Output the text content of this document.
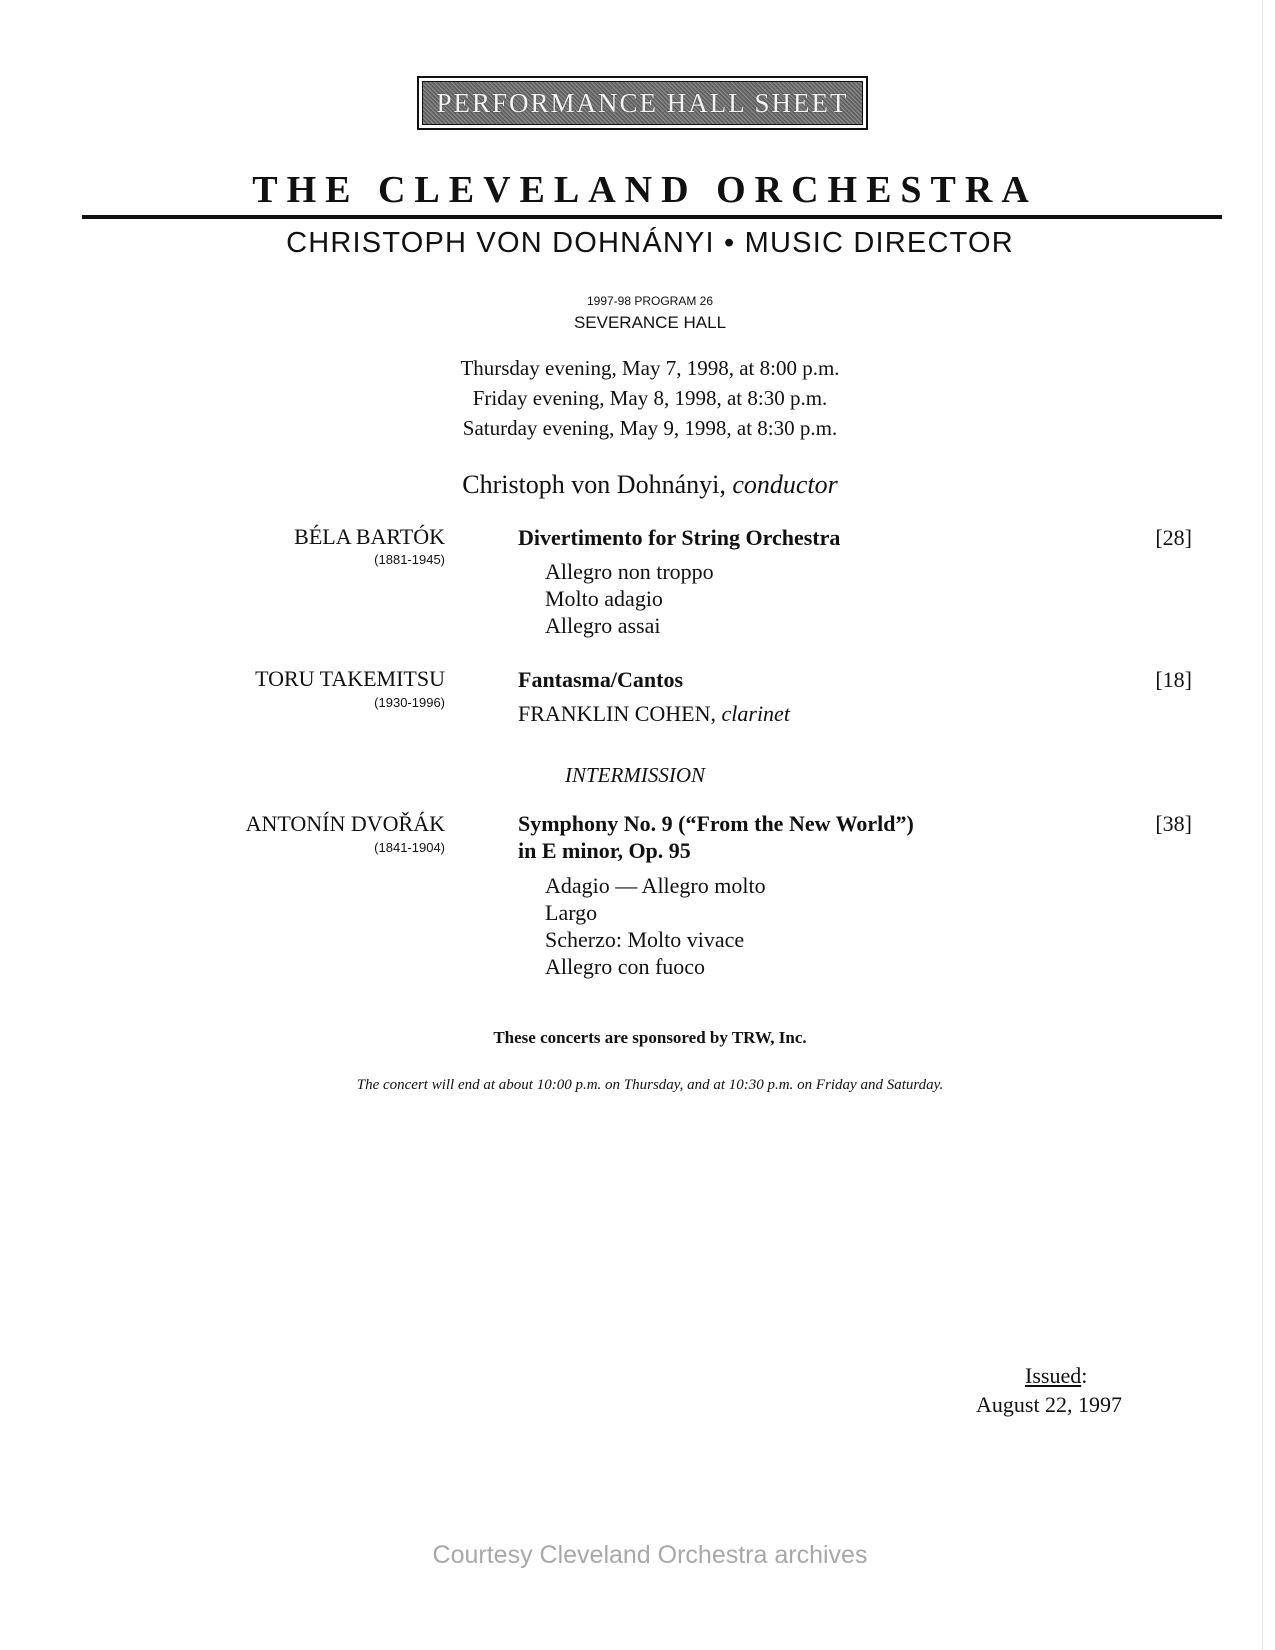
PERFORMANCE HALL SHEET
THE CLEVELAND ORCHESTRA
CHRISTOPH VON DOHNÁNYI • MUSIC DIRECTOR
1997-98 PROGRAM 26
SEVERANCE HALL
Thursday evening, May 7, 1998, at 8:00 p.m.
Friday evening, May 8, 1998, at 8:30 p.m.
Saturday evening, May 9, 1998, at 8:30 p.m.
Christoph von Dohnányi, conductor
BÉLA BARTÓK
(1881-1945)
Divertimento for String Orchestra	[28]
Allegro non troppo
Molto adagio
Allegro assai
TORU TAKEMITSU
(1930-1996)
Fantasma/Cantos	[18]
FRANKLIN COHEN, clarinet
INTERMISSION
ANTONÍN DVOŘÁK
(1841-1904)
Symphony No. 9 (“From the New World”)
in E minor, Op. 95
[38]
Adagio — Allegro molto
Largo
Scherzo: Molto vivace
Allegro con fuoco
These concerts are sponsored by TRW, Inc.
The concert will end at about 10:00 p.m. on Thursday, and at 10:30 p.m. on Friday and Saturday.
Issued:
August 22, 1997
Courtesy Cleveland Orchestra archives
